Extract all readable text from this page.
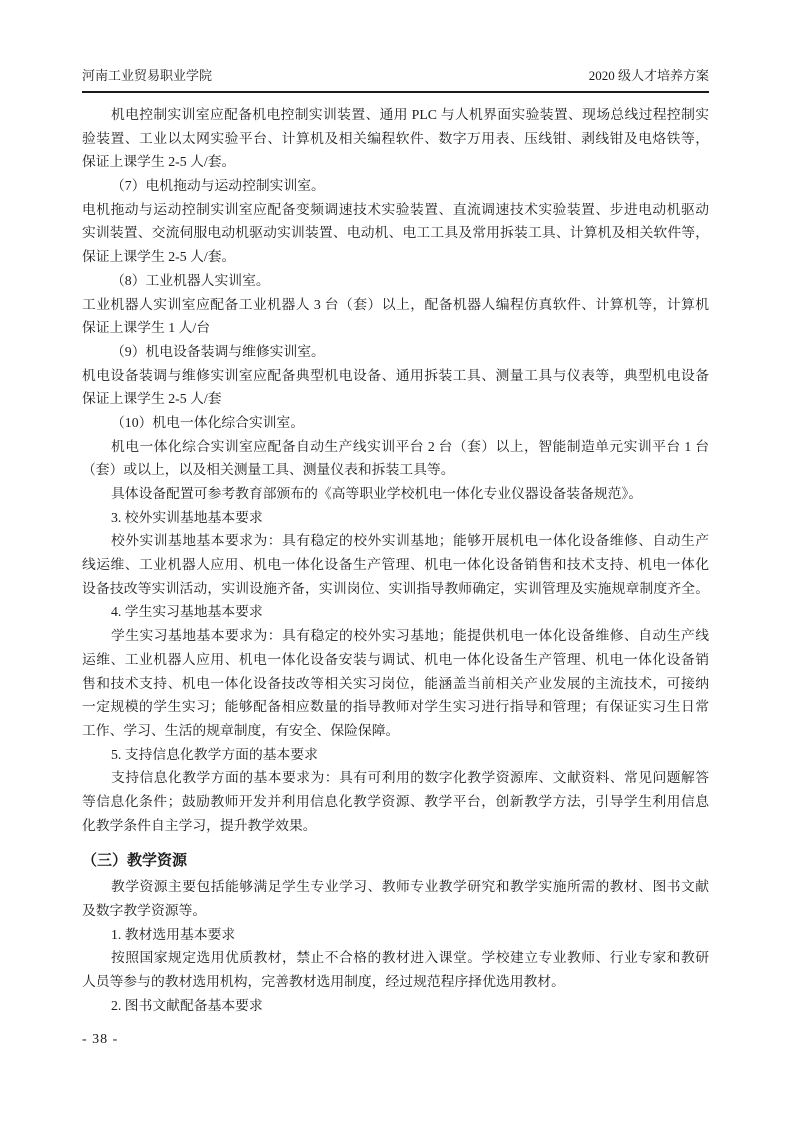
河南工业贸易职业学院	2020 级人才培养方案
机电控制实训室应配备机电控制实训装置、通用 PLC 与人机界面实验装置、现场总线过程控制实
验装置、工业以太网实验平台、计算机及相关编程软件、数字万用表、压线钳、剥线钳及电烙铁等，
保证上课学生 2-5 人/套。
（7）电机拖动与运动控制实训室。
电机拖动与运动控制实训室应配备变频调速技术实验装置、直流调速技术实验装置、步进电动机驱动
实训装置、交流伺服电动机驱动实训装置、电动机、电工工具及常用拆装工具、计算机及相关软件等，
保证上课学生 2-5 人/套。
（8）工业机器人实训室。
工业机器人实训室应配备工业机器人 3 台（套）以上，配备机器人编程仿真软件、计算机等，计算机
保证上课学生 1 人/台
（9）机电设备装调与维修实训室。
机电设备装调与维修实训室应配备典型机电设备、通用拆装工具、测量工具与仪表等，典型机电设备
保证上课学生 2-5 人/套
（10）机电一体化综合实训室。
机电一体化综合实训室应配备自动生产线实训平台 2 台（套）以上，智能制造单元实训平台 1 台
（套）或以上，以及相关测量工具、测量仪表和拆装工具等。
具体设备配置可参考教育部颁布的《高等职业学校机电一体化专业仪器设备装备规范》。
3. 校外实训基地基本要求
校外实训基地基本要求为：具有稳定的校外实训基地；能够开展机电一体化设备维修、自动生产
线运维、工业机器人应用、机电一体化设备生产管理、机电一体化设备销售和技术支持、机电一体化
设备技改等实训活动，实训设施齐备，实训岗位、实训指导教师确定，实训管理及实施规章制度齐全。
4. 学生实习基地基本要求
学生实习基地基本要求为：具有稳定的校外实习基地；能提供机电一体化设备维修、自动生产线
运维、工业机器人应用、机电一体化设备安装与调试、机电一体化设备生产管理、机电一体化设备销
售和技术支持、机电一体化设备技改等相关实习岗位，能涵盖当前相关产业发展的主流技术，可接纳
一定规模的学生实习；能够配备相应数量的指导教师对学生实习进行指导和管理；有保证实习生日常
工作、学习、生活的规章制度，有安全、保险保障。
5. 支持信息化教学方面的基本要求
支持信息化教学方面的基本要求为：具有可利用的数字化教学资源库、文献资料、常见问题解答
等信息化条件；鼓励教师开发并利用信息化教学资源、教学平台，创新教学方法，引导学生利用信息
化教学条件自主学习，提升教学效果。
（三）教学资源
教学资源主要包括能够满足学生专业学习、教师专业教学研究和教学实施所需的教材、图书文献
及数字教学资源等。
1. 教材选用基本要求
按照国家规定选用优质教材，禁止不合格的教材进入课堂。学校建立专业教师、行业专家和教研
人员等参与的教材选用机构，完善教材选用制度，经过规范程序择优选用教材。
2. 图书文献配备基本要求
- 38 -
